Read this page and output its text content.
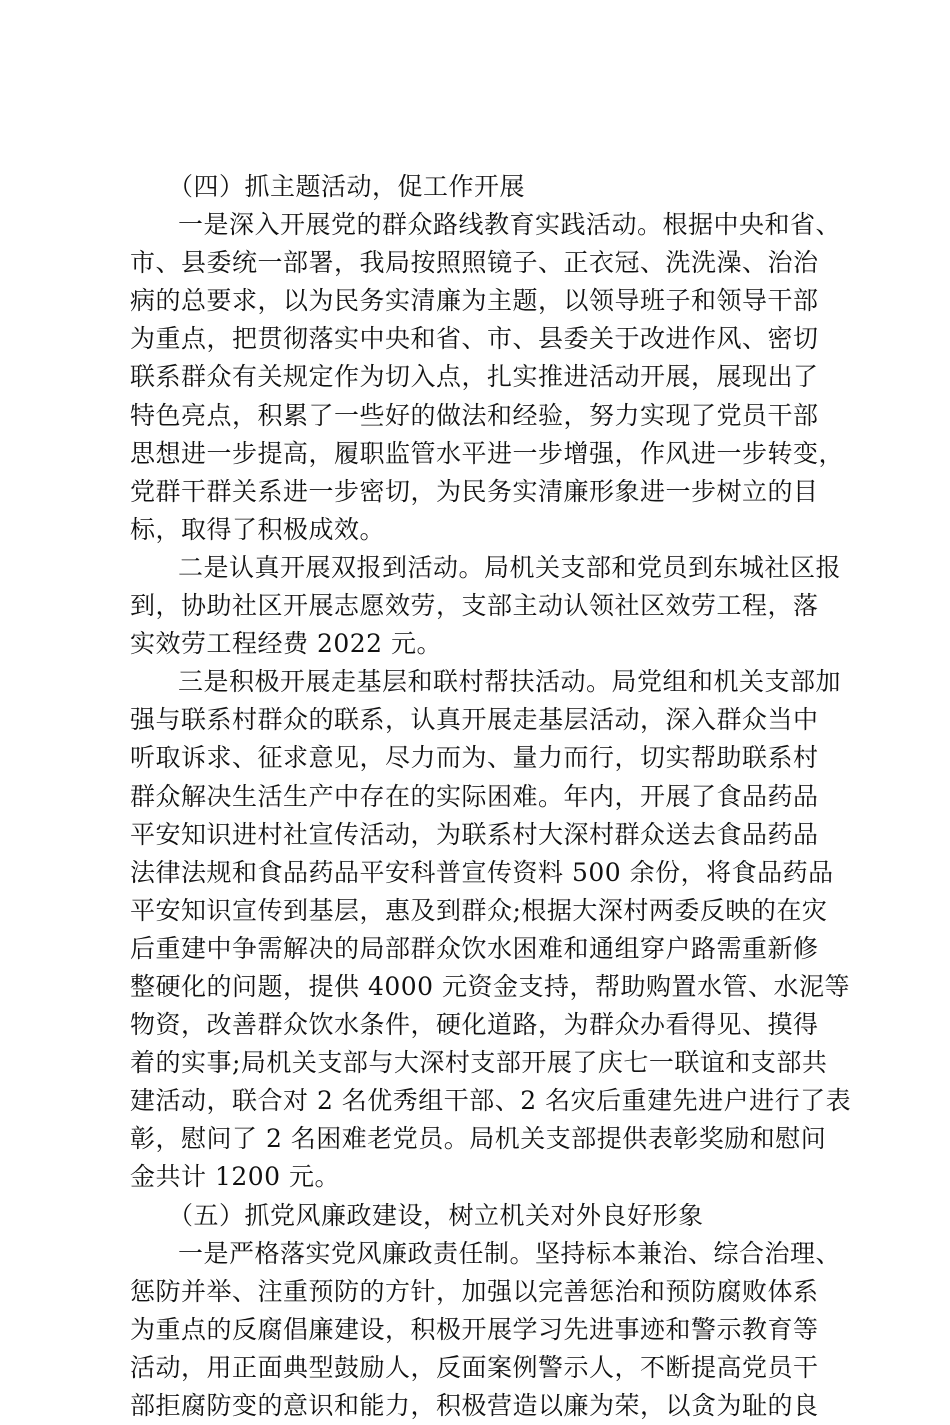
（四）抓主题活动，促工作开展
一是深入开展党的群众路线教育实践活动。根据中央和省、
市、县委统一部署，我局按照照镜子、正衣冠、洗洗澡、治治
病的总要求，以为民务实清廉为主题，以领导班子和领导干部
为重点，把贯彻落实中央和省、市、县委关于改进作风、密切
联系群众有关规定作为切入点，扎实推进活动开展，展现出了
特色亮点，积累了一些好的做法和经验，努力实现了党员干部
思想进一步提高，履职监管水平进一步增强，作风进一步转变，
党群干群关系进一步密切，为民务实清廉形象进一步树立的目
标，取得了积极成效。
二是认真开展双报到活动。局机关支部和党员到东城社区报
到，协助社区开展志愿效劳，支部主动认领社区效劳工程，落
实效劳工程经费 2022 元。
三是积极开展走基层和联村帮扶活动。局党组和机关支部加
强与联系村群众的联系，认真开展走基层活动，深入群众当中
听取诉求、征求意见，尽力而为、量力而行，切实帮助联系村
群众解决生活生产中存在的实际困难。年内，开展了食品药品
平安知识进村社宣传活动，为联系村大深村群众送去食品药品
法律法规和食品药品平安科普宣传资料 500 余份，将食品药品
平安知识宣传到基层，惠及到群众;根据大深村两委反映的在灾
后重建中争需解决的局部群众饮水困难和通组穿户路需重新修
整硬化的问题，提供 4000 元资金支持，帮助购置水管、水泥等
物资，改善群众饮水条件，硬化道路，为群众办看得见、摸得
着的实事;局机关支部与大深村支部开展了庆七一联谊和支部共
建活动，联合对 2 名优秀组干部、2 名灾后重建先进户进行了表
彰，慰问了 2 名困难老党员。局机关支部提供表彰奖励和慰问
金共计 1200 元。
（五）抓党风廉政建设，树立机关对外良好形象
一是严格落实党风廉政责任制。坚持标本兼治、综合治理、
惩防并举、注重预防的方针，加强以完善惩治和预防腐败体系
为重点的反腐倡廉建设，积极开展学习先进事迹和警示教育等
活动，用正面典型鼓励人，反面案例警示人，不断提高党员干
部拒腐防变的意识和能力，积极营造以廉为荣，以贪为耻的良
